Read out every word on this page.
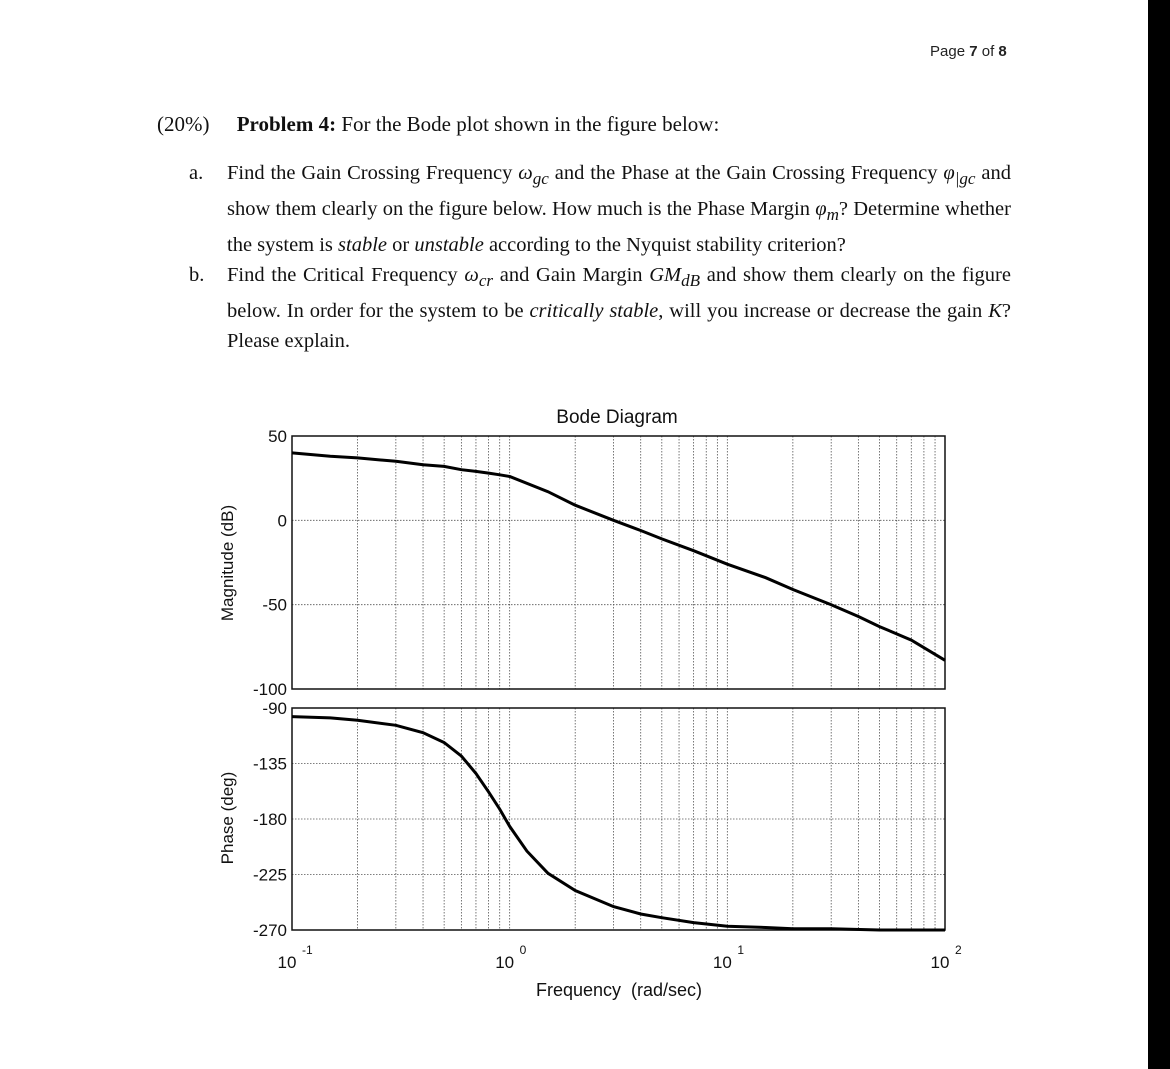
Page 7 of 8
(20%) Problem 4: For the Bode plot shown in the figure below:
a. Find the Gain Crossing Frequency $\omega_{gc}$ and the Phase at the Gain Crossing Frequency $\varphi_{|gc}$ and show them clearly on the figure below. How much is the Phase Margin $\varphi_m$? Determine whether the system is stable or unstable according to the Nyquist stability criterion?
b. Find the Critical Frequency $\omega_{cr}$ and Gain Margin $GM_{dB}$ and show them clearly on the figure below. In order for the system to be critically stable, will you increase or decrease the gain K? Please explain.
Bode Diagram
50
0
-50
-100
-90
-135
-180
-225
-270
10
-1
10
0
10
1
10
2
Magnitude (dB)
Phase (deg)
Frequency  (rad/sec)
